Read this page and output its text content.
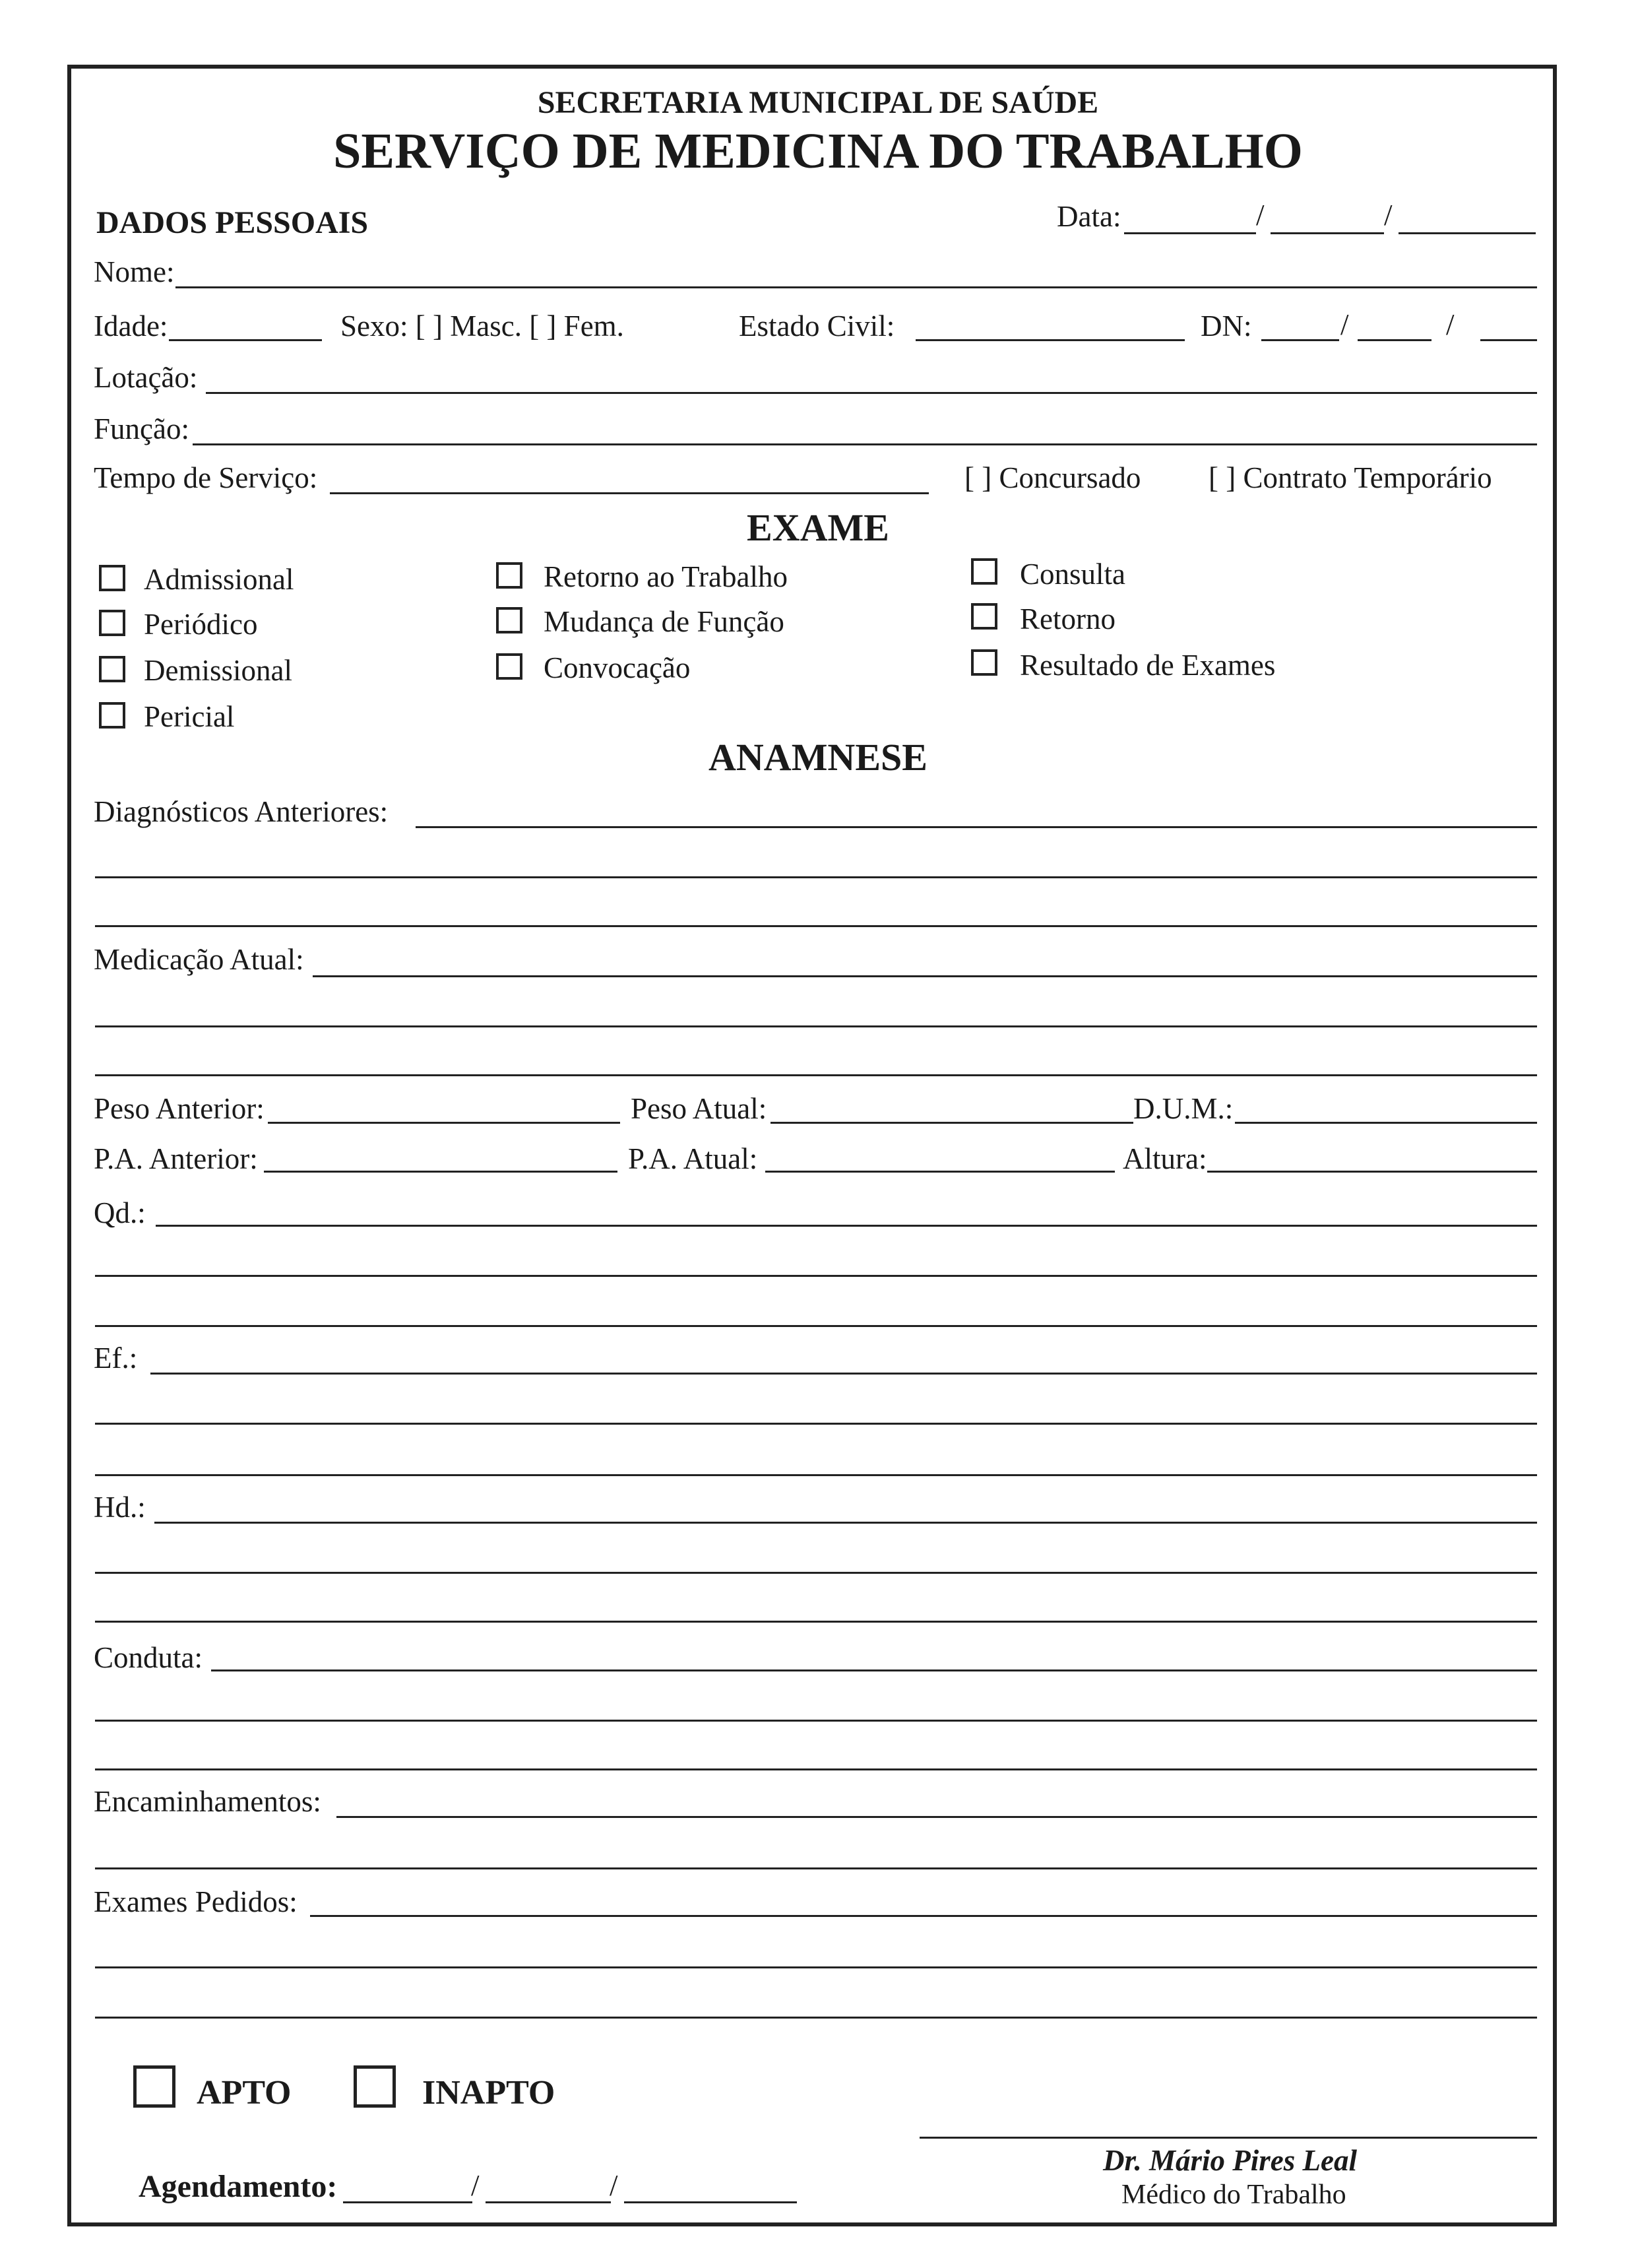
SECRETARIA MUNICIPAL DE SAÚDE
SERVIÇO DE MEDICINA DO TRABALHO
DADOS PESSOAIS	Data:	/	/
Nome:
Idade:	Sexo: [ ] Masc. [ ] Fem.	Estado Civil:	DN:	/	/
Lotação:
Função:
Tempo de Serviço:	[ ] Concursado [ ] Contrato Temporário
EXAME
Admissional
Periódico
Demissional
Pericial
Retorno ao Trabalho
Mudança de Função
Convocação
Consulta
Retorno
Resultado de Exames
ANAMNESE
Diagnósticos Anteriores:
Medicação Atual:
Peso Anterior:	Peso Atual:	D.U.M.:
P.A. Anterior:	P.A. Atual:	Altura:
Qd.:
Ef.:
Hd.:
Conduta:
Encaminhamentos:
Exames Pedidos:
APTO	INAPTO
Dr. Mário Pires Leal
Médico do Trabalho
Agendamento:	/	/
